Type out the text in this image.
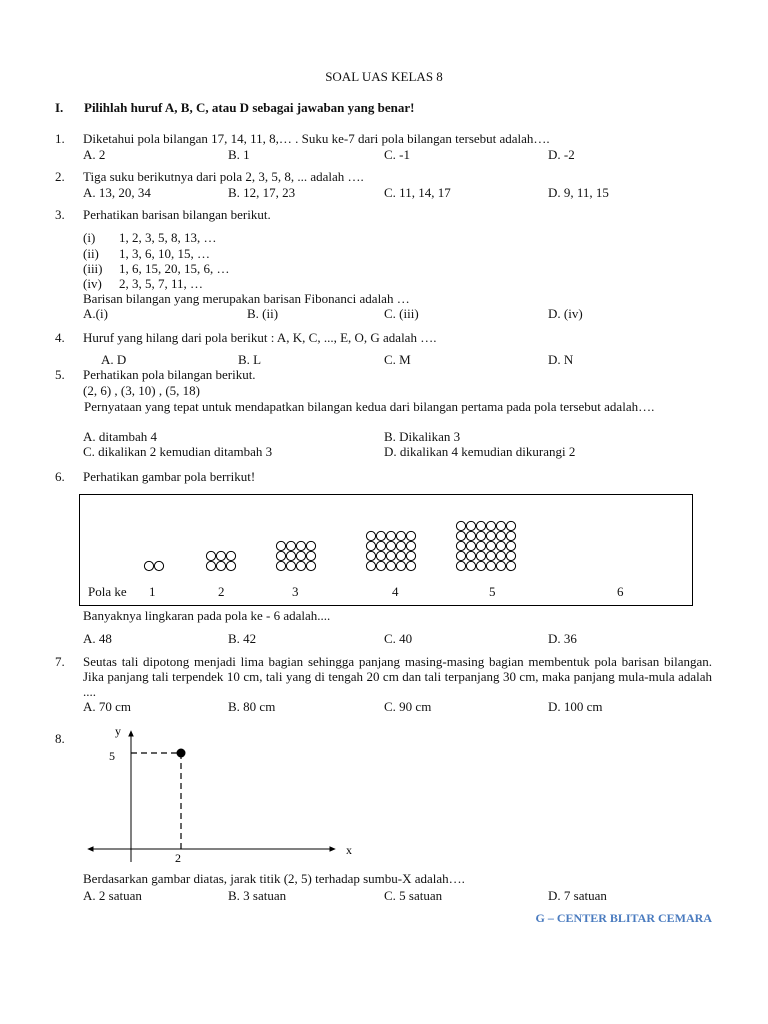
SOAL UAS KELAS 8
I. Pilihlah huruf A, B, C, atau D sebagai jawaban yang benar!
1. Diketahui pola bilangan 17, 14, 11, 8,… . Suku ke-7 dari pola bilangan tersebut adalah….
A. 2	B. 1	C. -1	D. -2
2. Tiga suku berikutnya dari pola 2, 3, 5, 8, ... adalah ….
A. 13, 20, 34	B. 12, 17, 23	C. 11, 14, 17	D. 9, 11, 15
3. Perhatikan barisan bilangan berikut.
(i) 1, 2, 3, 5, 8, 13, …
(ii) 1, 3, 6, 10, 15, …
(iii) 1, 6, 15, 20, 15, 6, …
(iv) 2, 3, 5, 7, 11, …
Barisan bilangan yang merupakan barisan Fibonanci adalah …
A.(i)	B. (ii)	C. (iii)	D. (iv)
4. Huruf yang hilang dari pola berikut : A, K, C, ..., E, O, G adalah ….
A. D	B. L	C. M	D. N
5. Perhatikan pola bilangan berikut.
(2, 6) , (3, 10) , (5, 18)
Pernyataan yang tepat untuk mendapatkan bilangan kedua dari bilangan pertama pada pola tersebut adalah….
A. ditambah 4	B. Dikalikan 3
C. dikalikan 2 kemudian ditambah 3	D. dikalikan 4 kemudian dikurangi 2
6. Perhatikan gambar pola berrikut!
Pola ke 1	2	3	4	5	6
Banyaknya lingkaran pada pola ke - 6 adalah....
A. 48	B. 42	C. 40	D. 36
7. Seutas tali dipotong menjadi lima bagian sehingga panjang masing-masing bagian membentuk pola barisan bilangan. Jika panjang tali terpendek 10 cm, tali yang di tengah 20 cm dan tali terpanjang 30 cm, maka panjang mula-mula adalah ....
A. 70 cm	B. 80 cm	C. 90 cm	D. 100 cm
8.	y
x
5
2
Berdasarkan gambar diatas, jarak titik (2, 5) terhadap sumbu-X adalah….
A. 2 satuan	B. 3 satuan	C. 5 satuan	D. 7 satuan
G – CENTER BLITAR CEMARA
